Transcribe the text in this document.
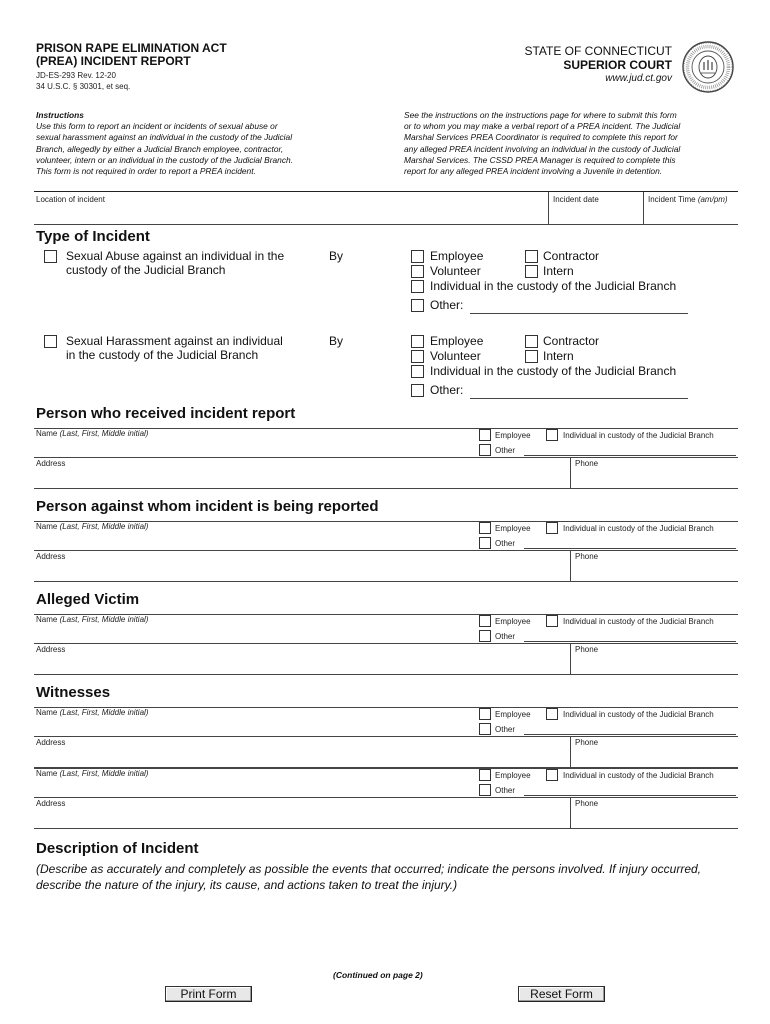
PRISON RAPE ELIMINATION ACT
(PREA) INCIDENT REPORT
JD-ES-293 Rev. 12-20
34 U.S.C. § 30301, et seq.
STATE OF CONNECTICUT
SUPERIOR COURT
www.jud.ct.gov
Instructions
Use this form to report an incident or incidents of sexual abuse or
sexual harassment against an individual in the custody of the Judicial
Branch, allegedly by either a Judicial Branch employee, contractor,
volunteer, intern or an individual in the custody of the Judicial Branch.
This form is not required in order to report a PREA incident.
See the instructions on the instructions page for where to submit this form
or to whom you may make a verbal report of a PREA incident. The Judicial
Marshal Services PREA Coordinator is required to complete this report for
any alleged PREA incident involving an individual in the custody of Judicial
Marshal Services. The CSSD PREA Manager is required to complete this
report for any alleged PREA incident involving a Juvenile in detention.
Location of incident	Incident date	Incident Time (am/pm)
Type of Incident
Sexual Abuse against an individual in the
custody of the Judicial Branch
By	Employee	Contractor
Volunteer	Intern
Individual in the custody of the Judicial Branch
Other:
Sexual Harassment against an individual
in the custody of the Judicial Branch
By	Employee	Contractor
Volunteer	Intern
Individual in the custody of the Judicial Branch
Other:
Person who received incident report
Name (Last, First, Middle initial)	Employee	Individual in custody of the Judicial Branch
Other
Address	Phone
Person against whom incident is being reported
Name (Last, First, Middle initial)	Employee	Individual in custody of the Judicial Branch
Other
Address	Phone
Alleged Victim
Name (Last, First, Middle initial)	Employee	Individual in custody of the Judicial Branch
Other
Address	Phone
Witnesses
Name (Last, First, Middle initial)	Employee	Individual in custody of the Judicial Branch
Other
Address	Phone
Name (Last, First, Middle initial)	Employee	Individual in custody of the Judicial Branch
Other
Address	Phone
Description of Incident
(Describe as accurately and completely as possible the events that occurred; indicate the persons involved. If injury occurred,
describe the nature of the injury, its cause, and actions taken to treat the injury.)
(Continued on page 2)
Print Form	Reset Form
